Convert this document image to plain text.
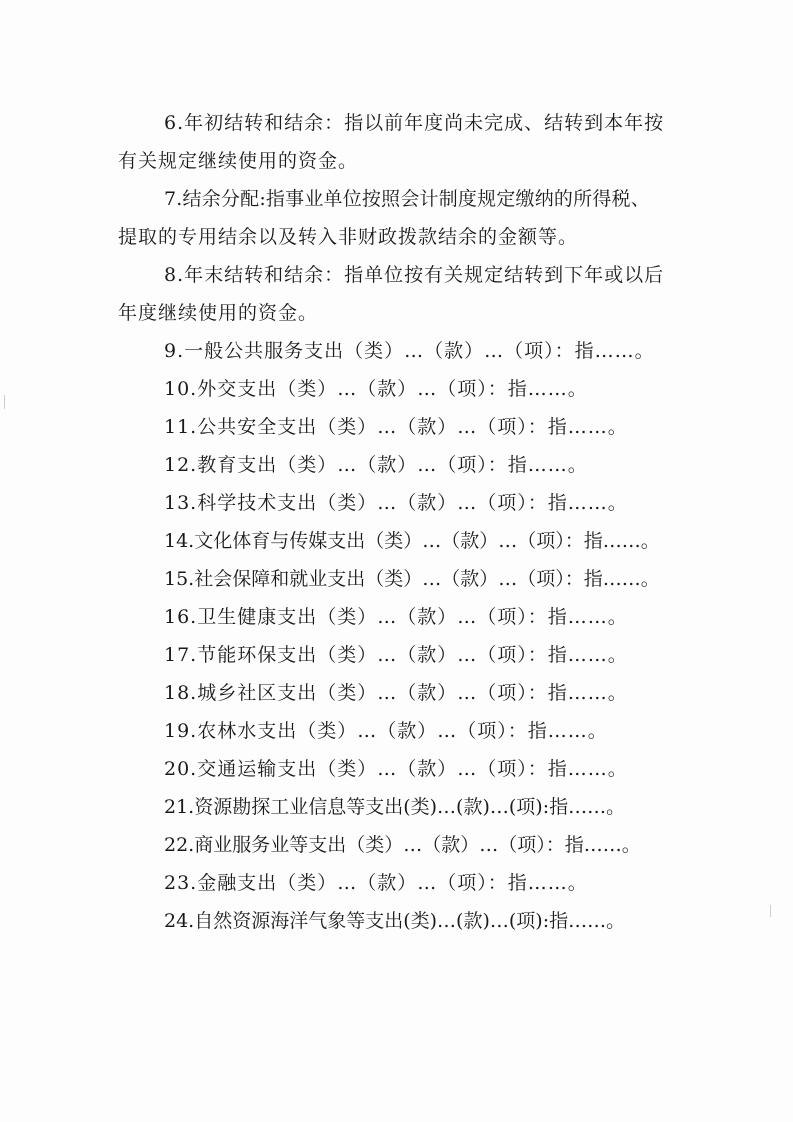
6.年初结转和结余：指以前年度尚未完成、结转到本年按
有关规定继续使用的资金。

7.结余分配:指事业单位按照会计制度规定缴纳的所得税、
提取的专用结余以及转入非财政拨款结余的金额等。

8.年末结转和结余：指单位按有关规定结转到下年或以后
年度继续使用的资金。

9.一般公共服务支出（类）…（款）…（项）：指……。

10.外交支出（类）…（款）…（项）：指……。

11.公共安全支出（类）…（款）…（项）：指……。

12.教育支出（类）…（款）…（项）：指……。

13.科学技术支出（类）…（款）…（项）：指……。

14.文化体育与传媒支出（类）…（款）…（项）：指……。

15.社会保障和就业支出（类）…（款）…（项）：指……。

16.卫生健康支出（类）…（款）…（项）：指……。

17.节能环保支出（类）…（款）…（项）：指……。

18.城乡社区支出（类）…（款）…（项）：指……。

19.农林水支出（类）…（款）…（项）：指……。

20.交通运输支出（类）…（款）…（项）：指……。

21.资源勘探工业信息等支出(类)…(款)…(项):指……。

22.商业服务业等支出（类）…（款）…（项）：指……。

23.金融支出（类）…（款）…（项）：指……。

24.自然资源海洋气象等支出(类)…(款)…(项):指……。
